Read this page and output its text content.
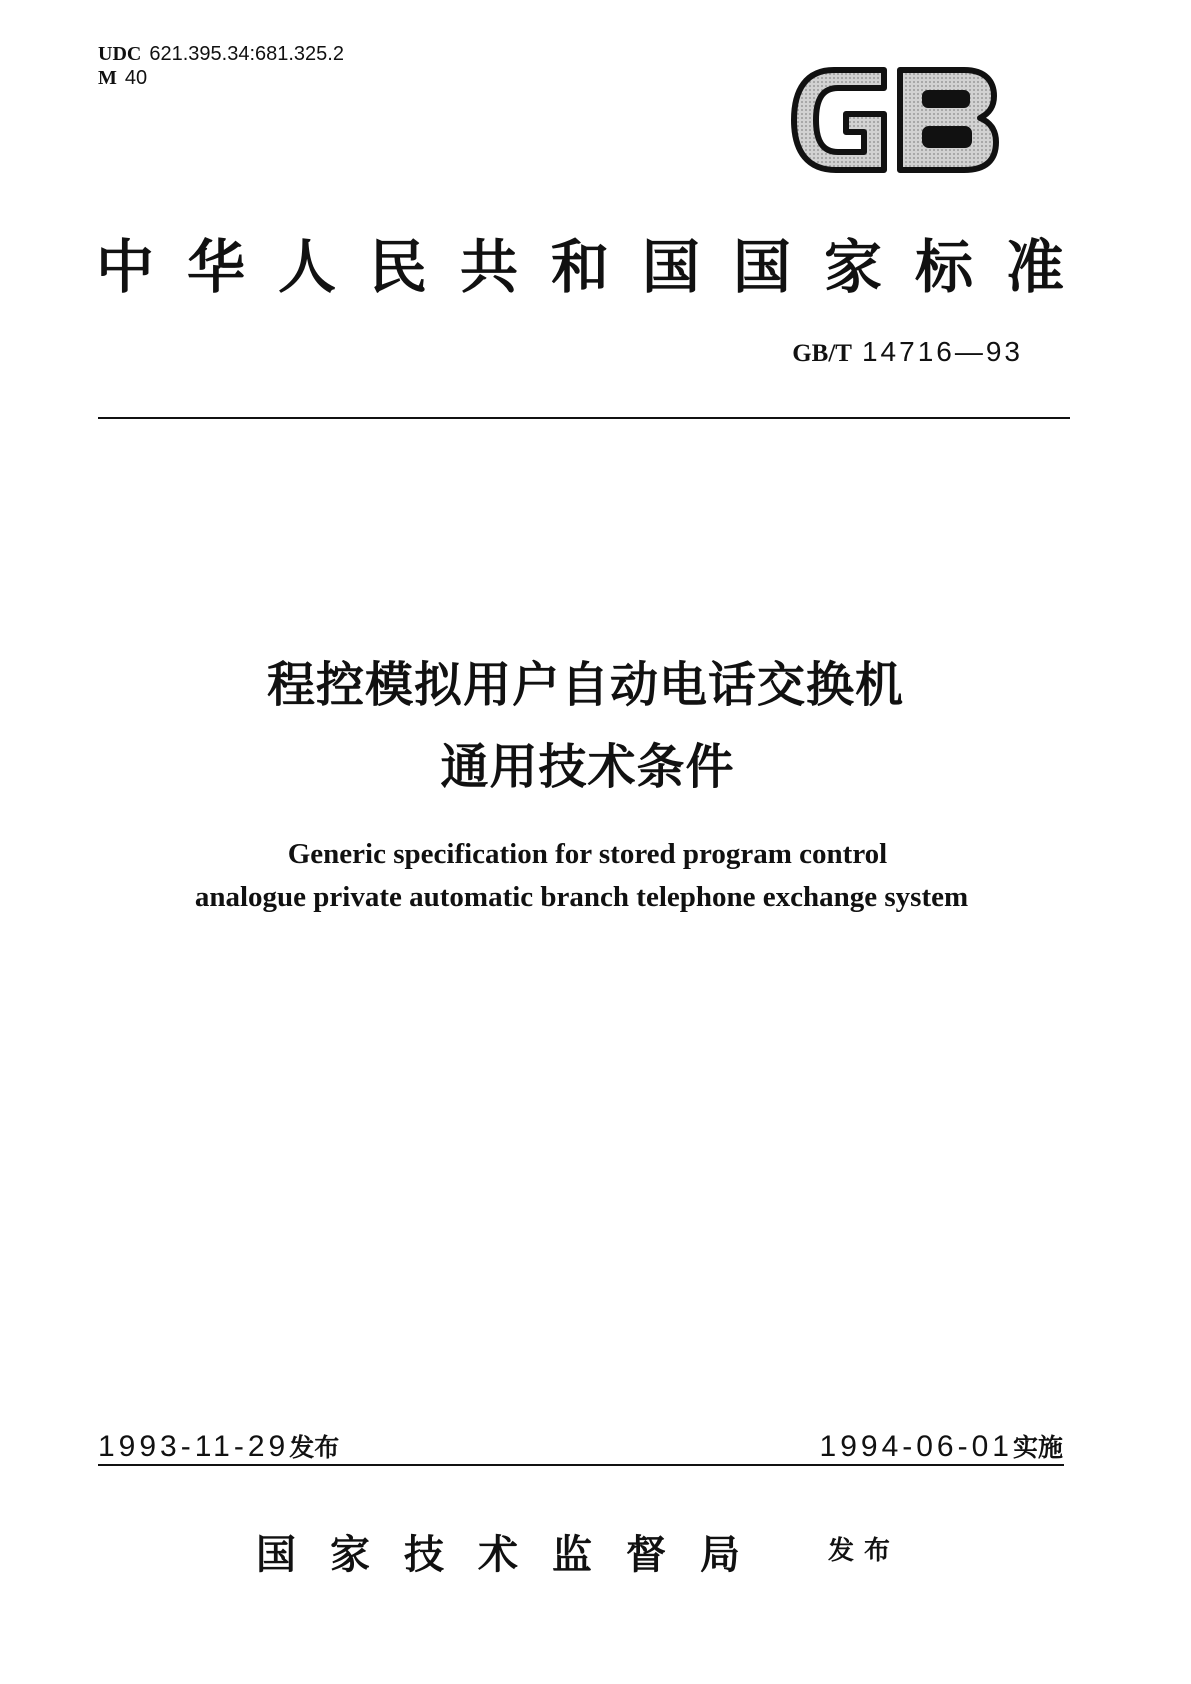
UDC 621.395.34:681.325.2
M 40
中华人民共和国国家标准
GB/T 14716—93
程控模拟用户自动电话交换机
通用技术条件
Generic specification for stored program control
analogue private automatic branch telephone exchange system
1993-11-29 发布	1994-06-01 实施
国家技术监督局 发布
